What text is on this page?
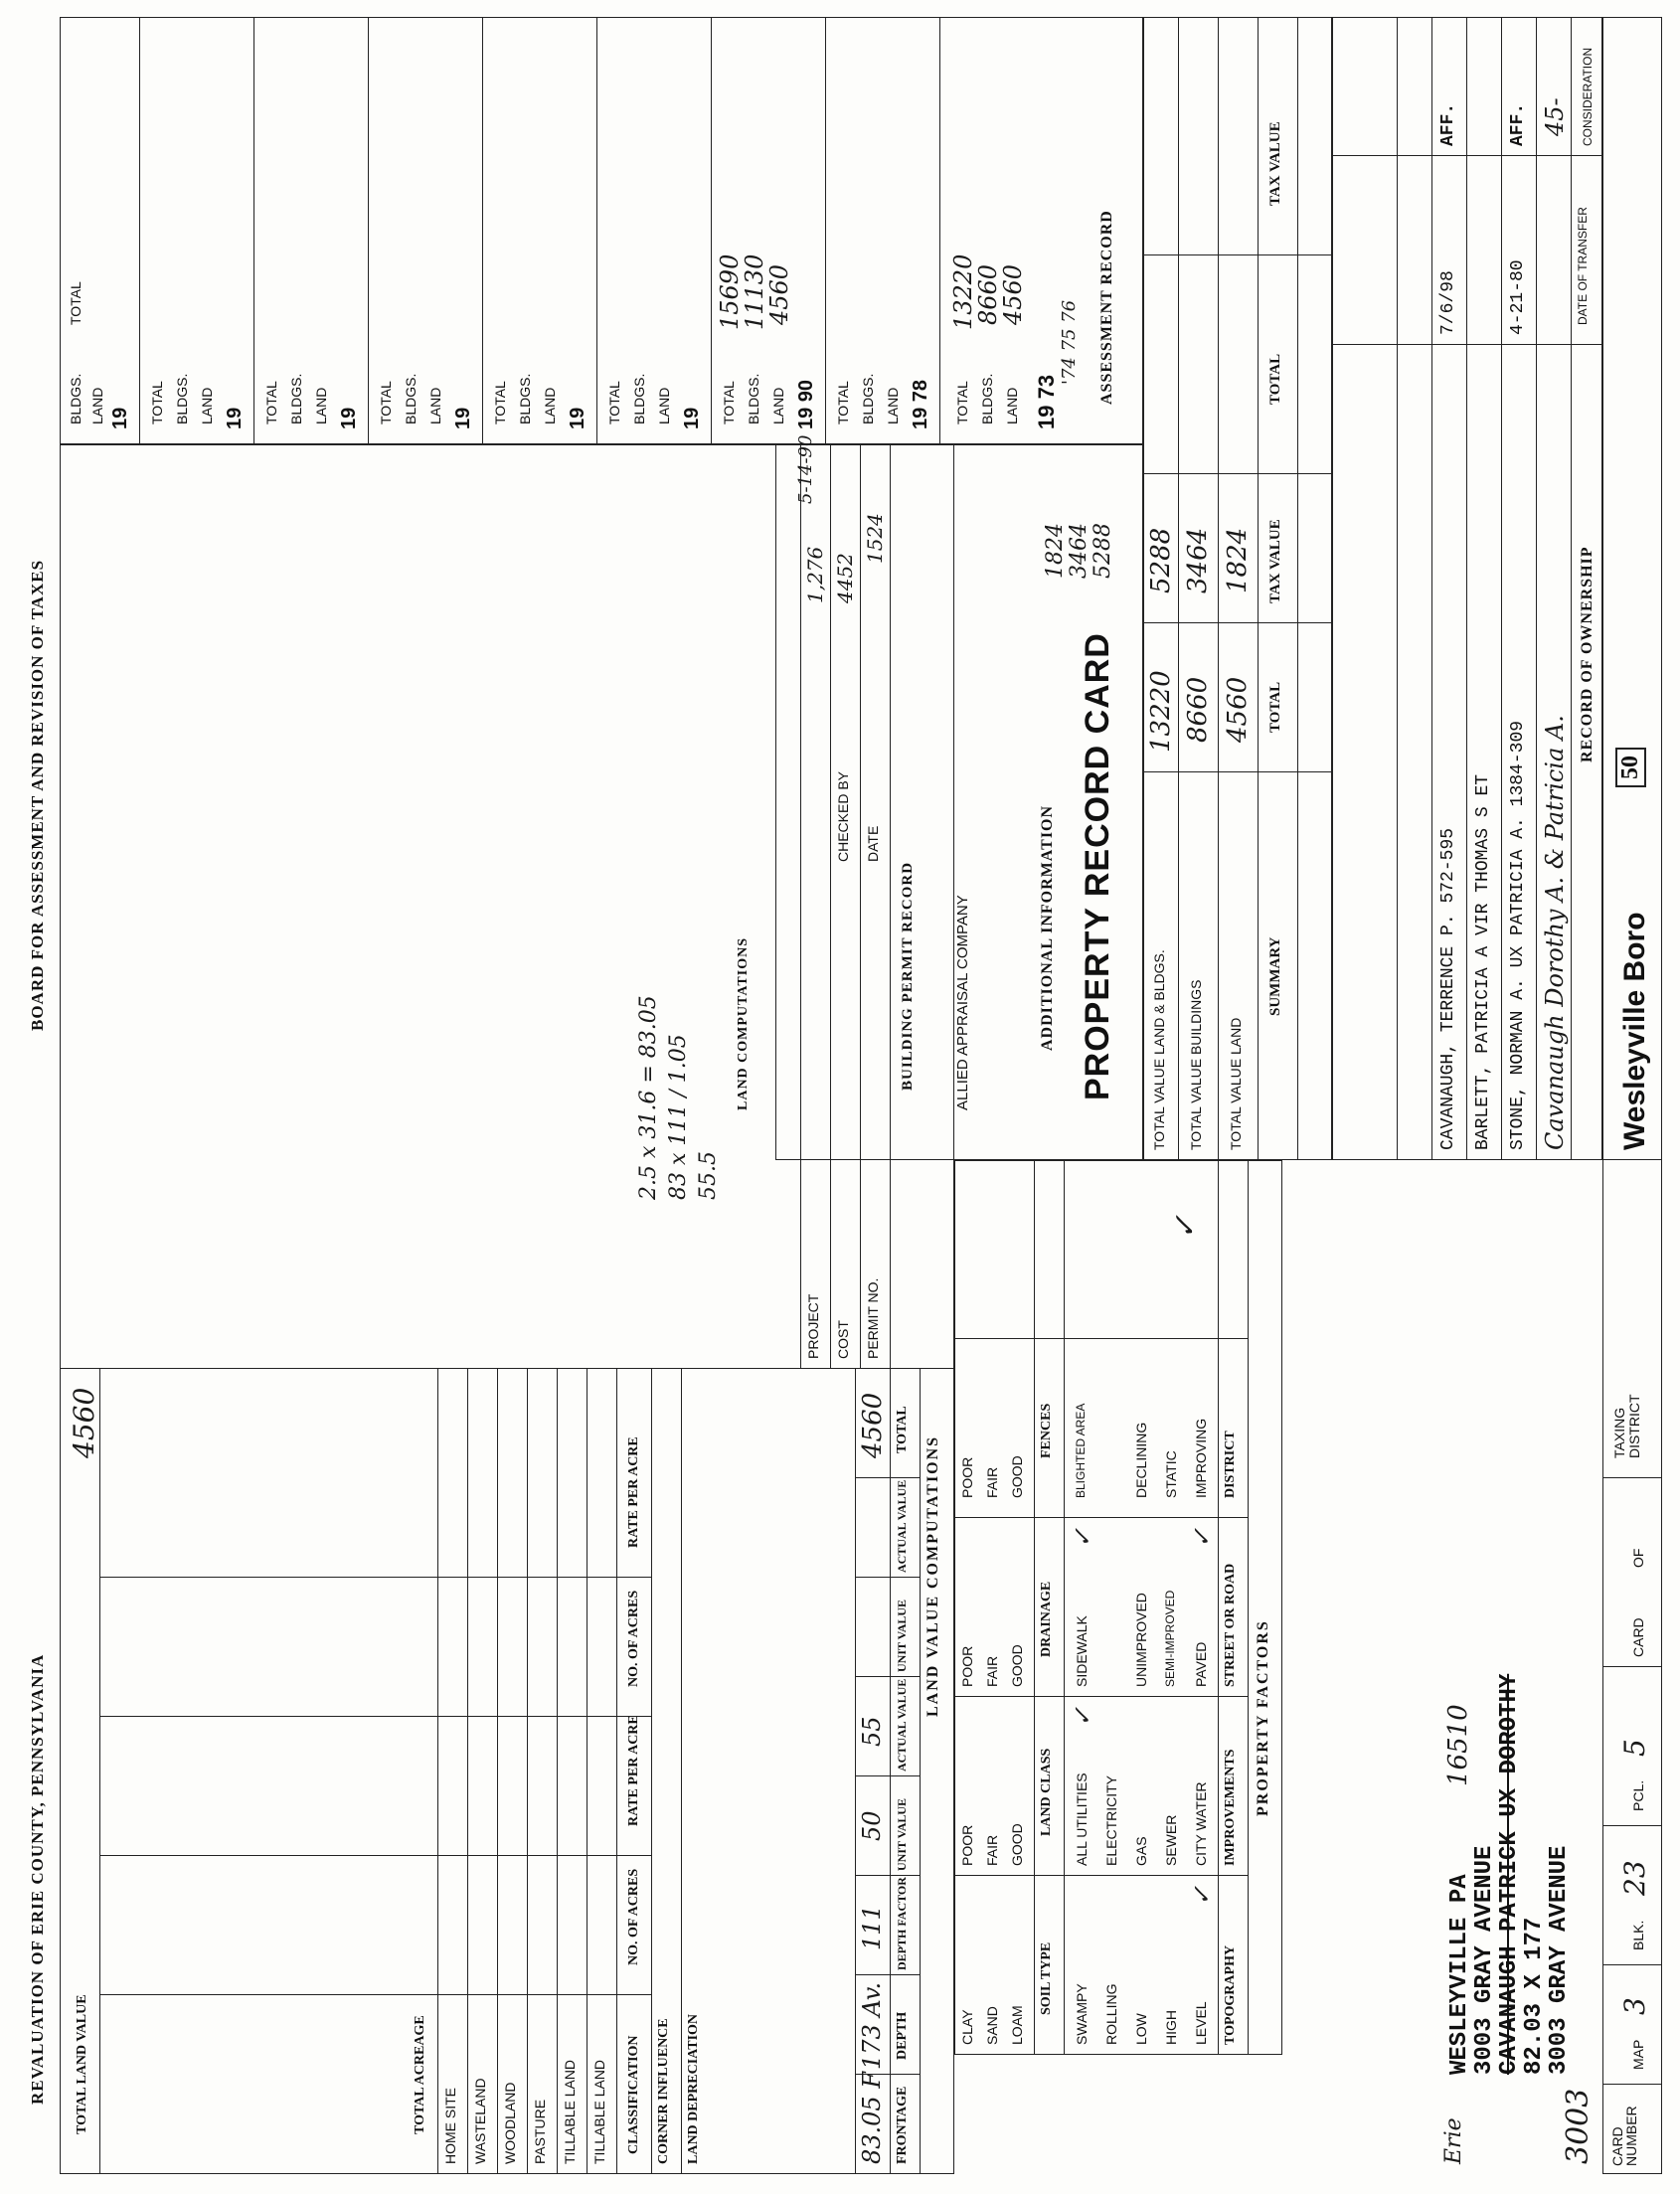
CARD NUMBER
MAP
3
BLK.
23
PCL.
5
CARD
OF
TAXING DISTRICT
Wesleyville Boro
50
3003
3003 GRAY AVENUE
82.03 X 177
CAVANAUGH PATRICK UX DOROTHY
3003 GRAY AVENUE
Erie
WESLEYVILLE PA
16510
RECORD OF OWNERSHIP
DATE OF TRANSFER
CONSIDERATION
Cavanaugh Dorothy A. & Patricia A.
45-
STONE, NORMAN A. UX PATRICIA A. 1384-309
4-21-80
AFF.
BARLETT, PATRICIA A VIR THOMAS S ET
CAVANAUGH, TERRENCE P. 572-595
7/6/98
AFF.
SUMMARY
TOTAL
TAX VALUE
TOTAL
TAX VALUE
TOTAL VALUE LAND
4560
1824
TOTAL VALUE BUILDINGS
8660
3464
TOTAL VALUE LAND & BLDGS.
13220
5288
PROPERTY RECORD CARD
ADDITIONAL INFORMATION
1824 3464 5288
ALLIED APPRAISAL COMPANY
BUILDING PERMIT RECORD
PERMIT NO.
DATE
1524
4452
COST
CHECKED BY
1,276
PROJECT
ASSESSMENT RECORD
19 73
LAND
BLDGS.
TOTAL
4560
8660
13220
'74 75 76
19 78
LAND
BLDGS.
TOTAL
19 90
LAND
BLDGS.
TOTAL
4560
11130
15690
5-14-90
19
LAND
BLDGS.
TOTAL
19
LAND
BLDGS.
TOTAL
19
LAND
BLDGS.
TOTAL
19
LAND
BLDGS.
TOTAL
19
LAND
BLDGS.
TOTAL
19
LAND
BLDGS.
TOTAL
PROPERTY FACTORS
TOPOGRAPHY
IMPROVEMENTS
STREET OR ROAD
DISTRICT
LEVEL
✓
HIGH
LOW
ROLLING
SWAMPY
CITY WATER
SEWER
GAS
ELECTRICITY
ALL UTILITIES
✓
PAVED
SEMI-IMPROVED
UNIMPROVED
SIDEWALK
✓
✓
IMPROVING
STATIC
DECLINING
BLIGHTED AREA
✓
SOIL TYPE
LAND CLASS
DRAINAGE
FENCES
LOAM
SAND
CLAY
GOOD
FAIR
POOR
GOOD
FAIR
POOR
GOOD
FAIR
POOR
LAND VALUE COMPUTATIONS
FRONTAGE
DEPTH
DEPTH FACTOR
UNIT VALUE
ACTUAL VALUE
UNIT VALUE
ACTUAL VALUE
TOTAL
83.05 F
173 Av.
111
50
55
4560
LAND DEPRECIATION
CORNER INFLUENCE
CLASSIFICATION
NO. OF ACRES
RATE PER ACRE
NO. OF ACRES
RATE PER ACRE
TILLABLE LAND
TILLABLE LAND
PASTURE
WOODLAND
WASTELAND
HOME SITE
TOTAL ACREAGE
TOTAL LAND VALUE
4560
LAND COMPUTATIONS
55.5
83 x 111 / 1.05
2.5 x 31.6 = 83.05
REVALUATION OF ERIE COUNTY, PENNSYLVANIA
BOARD FOR ASSESSMENT AND REVISION OF TAXES
